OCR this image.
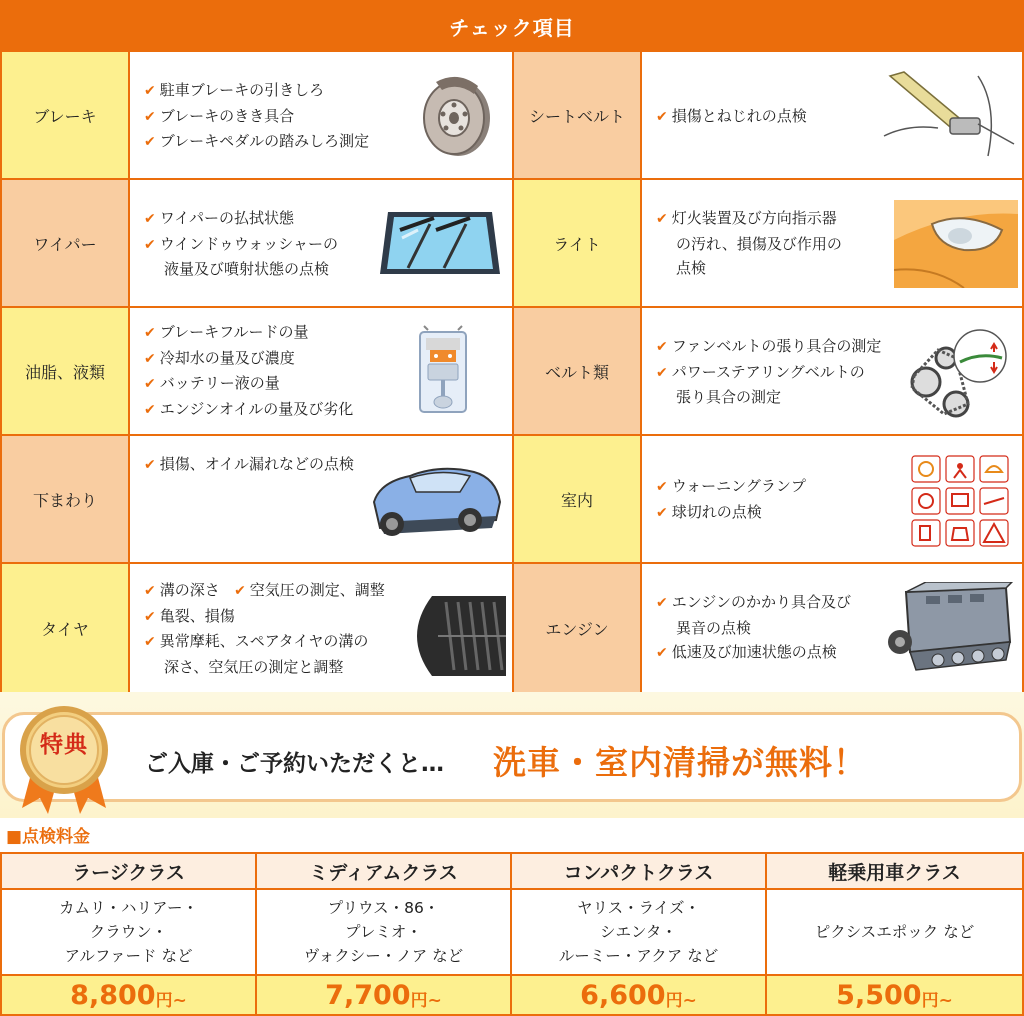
チェック項目
ブレーキ
✔ 駐車ブレーキの引きしろ
✔ ブレーキのきき具合
✔ ブレーキペダルの踏みしろ測定
シートベルト ✔ 損傷とねじれの点検
ワイパー
✔ ワイパーの払拭状態
✔ ウインドゥウォッシャーの
液量及び噴射状態の点検
ライト
✔ 灯火装置及び方向指示器
の汚れ、損傷及び作用の
点検
油脂、液類
✔ ブレーキフルードの量
✔ 冷却水の量及び濃度
✔ バッテリー液の量
✔ エンジンオイルの量及び劣化
ベルト類
✔ ファンベルトの張り具合の測定
✔ パワーステアリングベルトの
張り具合の測定
下まわり
✔ 損傷、オイル漏れなどの点検
室内
✔ ウォーニングランプ
✔ 球切れの点検
タイヤ
✔ 溝の深さ ✔ 空気圧の測定、調整
✔ 亀裂、損傷
✔ 異常摩耗、スペアタイヤの溝の
深さ、空気圧の測定と調整
エンジン
✔ エンジンのかかり具合及び
異音の点検
✔ 低速及び加速状態の点検
ご入庫・ご予約いただくと… 洗車・室内清掃が無料！
特典
■点検料金
ラージクラス
カムリ・ハリアー・
クラウン・
アルファード など
8,800 円~
ミディアムクラス
プリウス・86・
プレミオ・
ヴォクシー・ノア など
7,700 円~
コンパクトクラス
ヤリス・ライズ・
シエンタ・
ルーミー・アクア など
6,600 円~
軽乗用車クラス
ピクシスエポック など
5,500 円~
